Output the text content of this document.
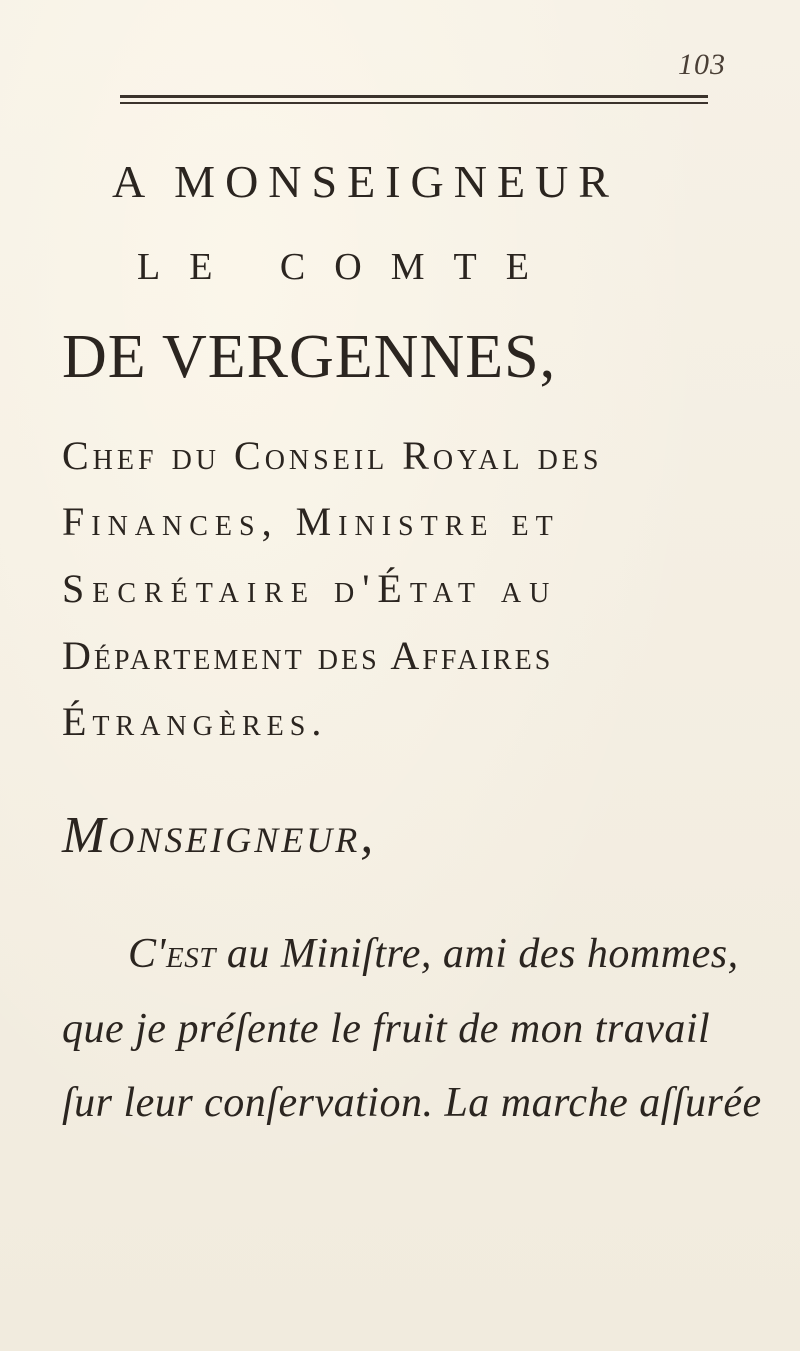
103
A MONSEIGNEUR
LE COMTE
DE VERGENNES,
Chef du Conseil Royal des
Finances, Ministre et
Secrétaire d'État au
Département des Affaires
Étrangères.
Monseigneur,
C'est au Miniſtre, ami des hommes,
que je préſente le fruit de mon travail
ſur leur conſervation. La marche aſſurée
